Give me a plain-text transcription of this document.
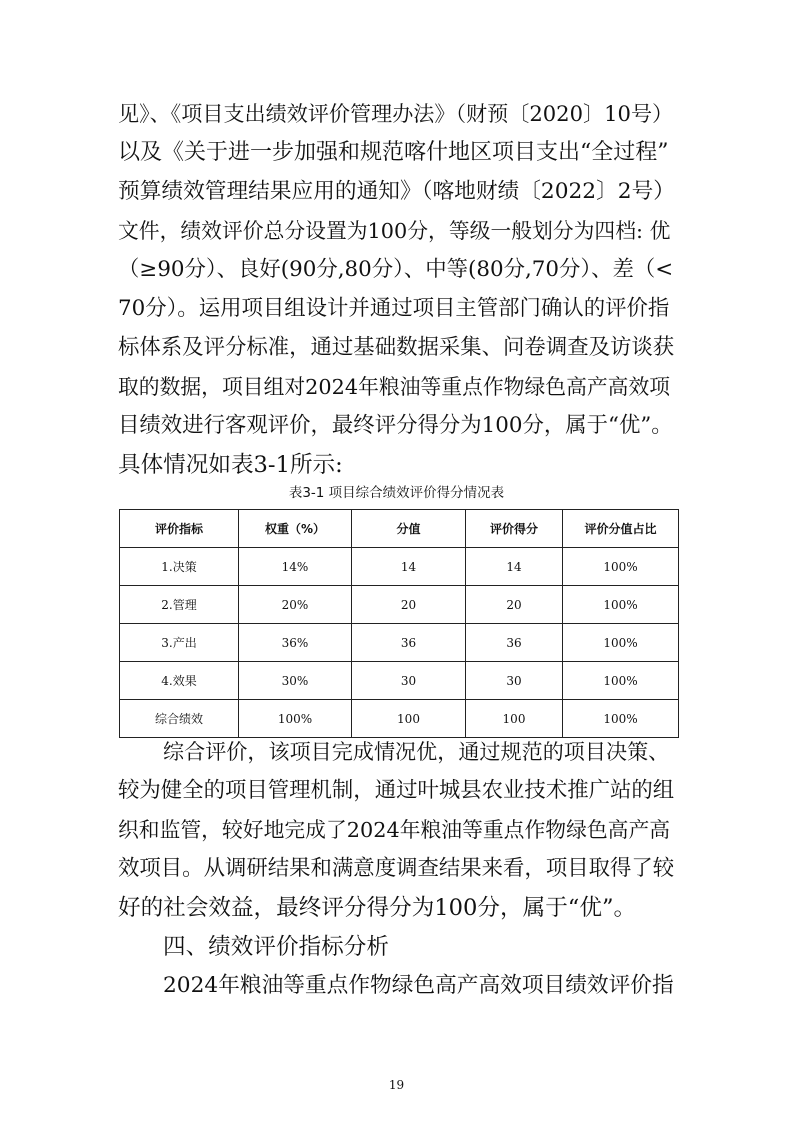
见》、《项目支出绩效评价管理办法》（财预〔2020〕10号）
以及《关于进一步加强和规范喀什地区项目支出“全过程”
预算绩效管理结果应用的通知》（喀地财绩〔2022〕2号）
文件，绩效评价总分设置为100分，等级一般划分为四档: 优
（≥90分）、良好(90分,80分）、中等(80分,70分）、差（<
70分）。运用项目组设计并通过项目主管部门确认的评价指
标体系及评分标准，通过基础数据采集、问卷调查及访谈获
取的数据，项目组对2024年粮油等重点作物绿色高产高效项
目绩效进行客观评价，最终评分得分为100分，属于“优”。
具体情况如表3-1所示:
表3-1 项目综合绩效评价得分情况表
评价指标	权重（%）	分值	评价得分	评价分值占比
1.决策	14%	14	14	100%
2.管理	20%	20	20	100%
3.产出	36%	36	36	100%
4.效果	30%	30	30	100%
综合绩效	100%	100	100	100%
综合评价，该项目完成情况优，通过规范的项目决策、
较为健全的项目管理机制，通过叶城县农业技术推广站的组
织和监管，较好地完成了2024年粮油等重点作物绿色高产高
效项目。从调研结果和满意度调查结果来看，项目取得了较
好的社会效益，最终评分得分为100分，属于“优”。
四、绩效评价指标分析
2024年粮油等重点作物绿色高产高效项目绩效评价指
19
